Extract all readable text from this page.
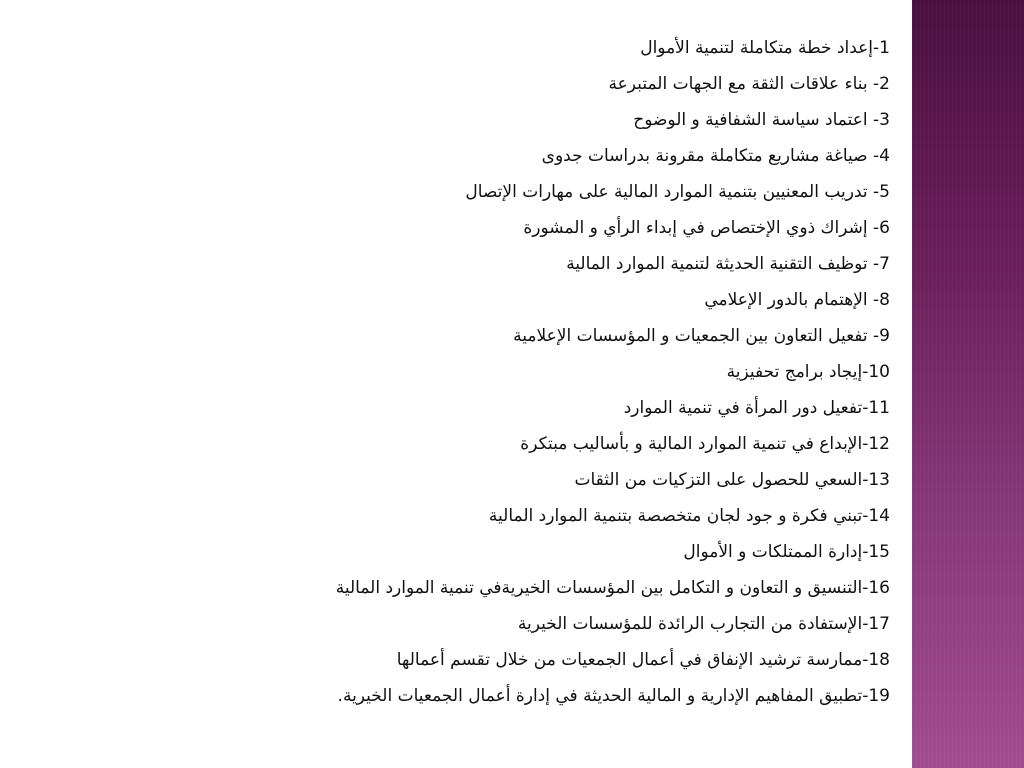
1-إعداد خطة متكاملة لتنمية الأموال
2- بناء علاقات الثقة مع الجهات المتبرعة
3- اعتماد سياسة الشفافية و الوضوح
4- صياغة مشاريع متكاملة مقرونة بدراسات جدوى
5- تدريب المعنيين بتنمية الموارد المالية على مهارات الإتصال
6- إشراك ذوي الإختصاص في إبداء الرأي و المشورة
7- توظيف التقنية الحديثة لتنمية الموارد المالية
8- الإهتمام بالدور الإعلامي
9- تفعيل التعاون بين الجمعيات و المؤسسات الإعلامية
10-إيجاد برامج تحفيزية
11-تفعيل دور المرأة في تنمية الموارد
12-الإبداع في تنمية الموارد المالية و بأساليب مبتكرة
13-السعي للحصول على التزكيات من الثقات
14-تبني فكرة و جود لجان متخصصة بتنمية الموارد المالية
15-إدارة الممتلكات و الأموال
16-التنسيق و التعاون و التكامل بين المؤسسات الخيريةفي تنمية الموارد المالية
17-الإستفادة من التجارب الرائدة للمؤسسات الخيرية
18-ممارسة ترشيد الإنفاق في أعمال الجمعيات من خلال تقسم أعمالها
19-تطبيق المفاهيم الإدارية و المالية الحديثة في إدارة أعمال الجمعيات الخيرية.
